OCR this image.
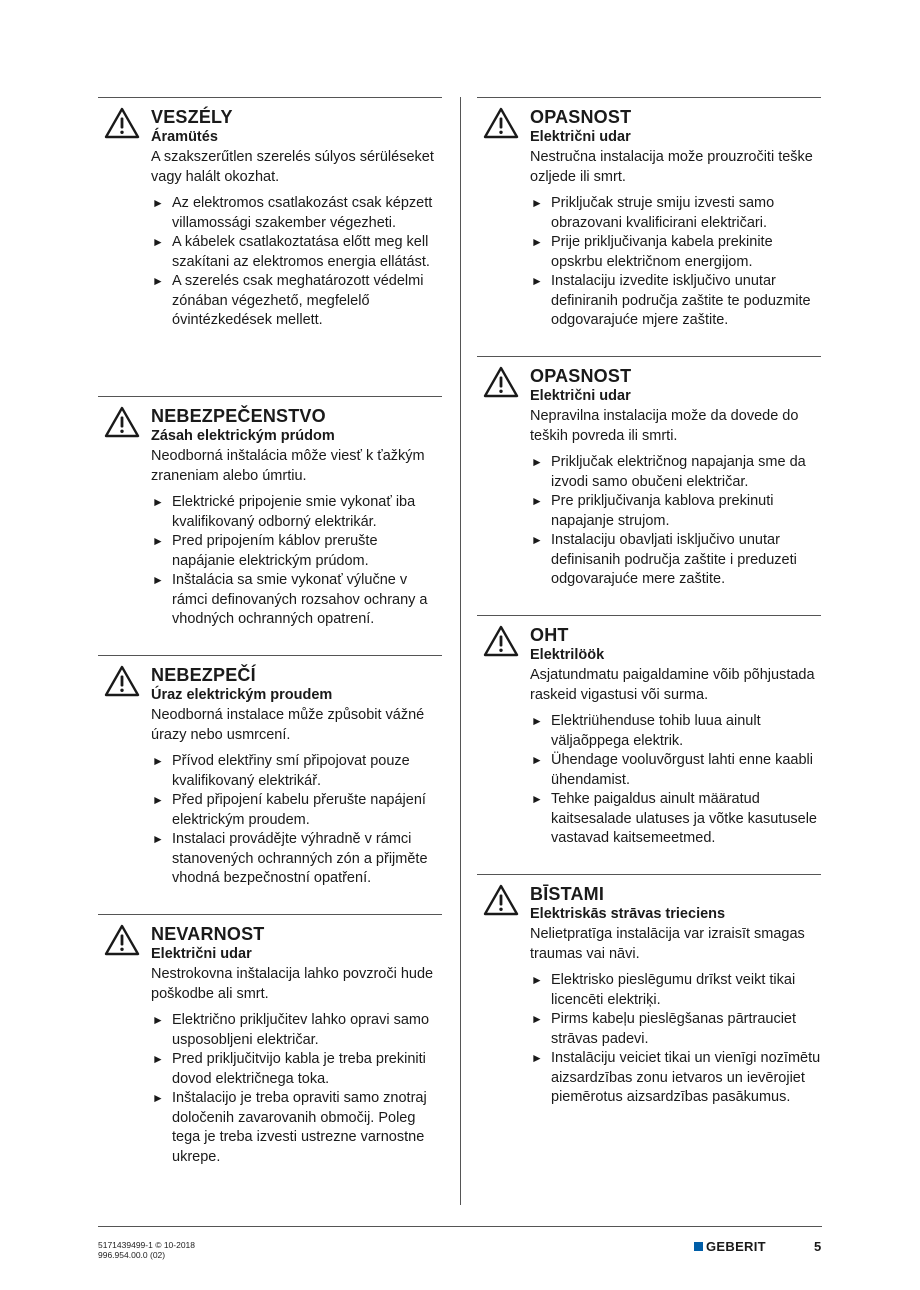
VESZÉLY
Áramütés

A szakszerűtlen szerelés súlyos sérüléseket vagy halált okozhat.

► Az elektromos csatlakozást csak képzett villamossági szakember végezheti.
► A kábelek csatlakoztatása előtt meg kell szakítani az elektromos energia ellátást.
► A szerelés csak meghatározott védelmi zónában végezhető, megfelelő óvintézkedések mellett.
NEBEZPEČENSTVO
Zásah elektrickým prúdom

Neodborná inštalácia môže viesť k ťažkým zraneniam alebo úmrtiu.

► Elektrické pripojenie smie vykonať iba kvalifikovaný odborný elektrikár.
► Pred pripojením káblov prerušte napájanie elektrickým prúdom.
► Inštalácia sa smie vykonať výlučne v rámci definovaných rozsahov ochrany a vhodných ochranných opatrení.
NEBEZPEČÍ
Úraz elektrickým proudem

Neodborná instalace může způsobit vážné úrazy nebo usmrcení.

► Přívod elektřiny smí připojovat pouze kvalifikovaný elektrikář.
► Před připojení kabelu přerušte napájení elektrickým proudem.
► Instalaci provádějte výhradně v rámci stanovených ochranných zón a přijměte vhodná bezpečnostní opatření.
NEVARNOST
Električni udar

Nestrokovna inštalacija lahko povzroči hude poškodbe ali smrt.

► Električno priključitev lahko opravi samo usposobljeni električar.
► Pred priključitvijo kabla je treba prekiniti dovod električnega toka.
► Inštalacijo je treba opraviti samo znotraj določenih zavarovanih območij. Poleg tega je treba izvesti ustrezne varnostne ukrepe.
OPASNOST
Električni udar

Nestručna instalacija može prouzročiti teške ozljede ili smrt.

► Priključak struje smiju izvesti samo obrazovani kvalificirani električari.
► Prije priključivanja kabela prekinite opskrbu električnom energijom.
► Instalaciju izvedite isključivo unutar definiranih područja zaštite te poduzmite odgovarajuće mjere zaštite.
OPASNOST
Električni udar

Nepravilna instalacija može da dovede do teških povreda ili smrti.

► Priključak električnog napajanja sme da izvodi samo obučeni električar.
► Pre priključivanja kablova prekinuti napajanje strujom.
► Instalaciju obavljati isključivo unutar definisanih područja zaštite i preduzeti odgovarajuće mere zaštite.
OHT
Elektrilöök

Asjatundmatu paigaldamine võib põhjustada raskeid vigastusi või surma.

► Elektriühenduse tohib luua ainult väljaõppega elektrik.
► Ühendage vooluvõrgust lahti enne kaabli ühendamist.
► Tehke paigaldus ainult määratud kaitsesalade ulatuses ja võtke kasutusele vastavad kaitsemeetmed.
BĪSTAMI
Elektriskās strāvas trieciens

Nelietpratīga instalācija var izraisīt smagas traumas vai nāvi.

► Elektrisko pieslēgumu drīkst veikt tikai licencēti elektriķi.
► Pirms kabeļu pieslēgšanas pārtrauciet strāvas padevi.
► Instalāciju veiciet tikai un vienīgi nozīmētu aizsardzības zonu ietvaros un ievērojiet piemērotus aizsardzības pasākumus.
5171439499-1 © 10-2018
996.954.00.0 (02)
GEBERIT	5
